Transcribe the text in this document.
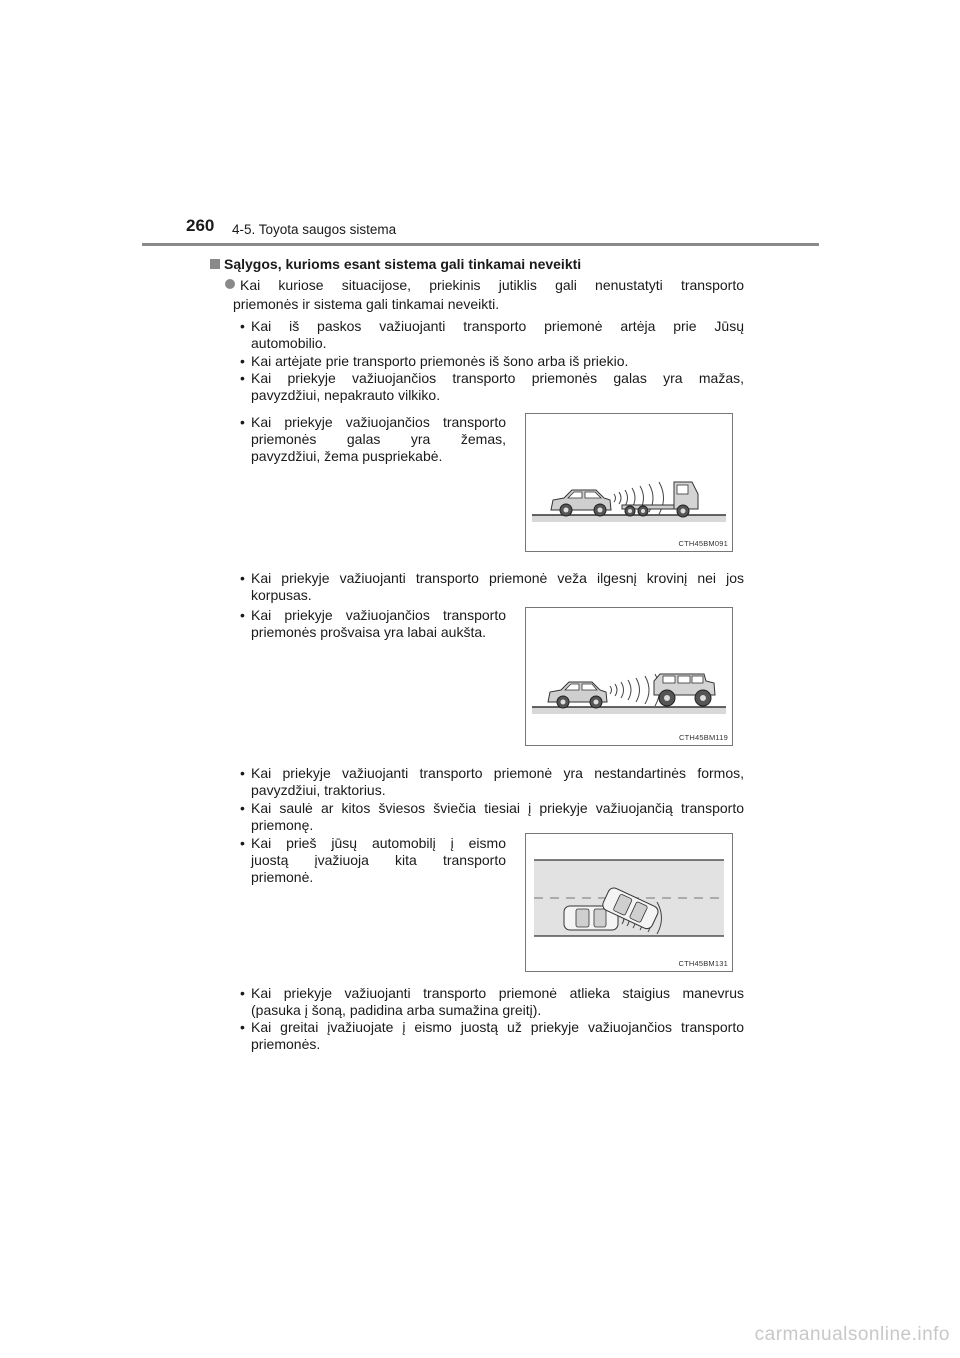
260 4-5. Toyota saugos sistema
Sąlygos, kurioms esant sistema gali tinkamai neveikti
Kai kuriose situacijose, priekinis jutiklis gali nenustatyti transporto
priemonės ir sistema gali tinkamai neveikti.
• Kai iš paskos važiuojanti transporto priemonė artėja prie Jūsų
automobilio.
• Kai artėjate prie transporto priemonės iš šono arba iš priekio.
• Kai priekyje važiuojančios transporto priemonės galas yra mažas,
pavyzdžiui, nepakrauto vilkiko.
• Kai priekyje važiuojančios transporto
priemonės galas yra žemas,
pavyzdžiui, žema puspriekabė.
CTH45BM091
• Kai priekyje važiuojanti transporto priemonė veža ilgesnį krovinį nei jos
korpusas.
• Kai priekyje važiuojančios transporto
priemonės prošvaisa yra labai aukšta.
CTH45BM119
• Kai priekyje važiuojanti transporto priemonė yra nestandartinės formos,
pavyzdžiui, traktorius.
• Kai saulė ar kitos šviesos šviečia tiesiai į priekyje važiuojančią transporto
priemonę.
• Kai prieš jūsų automobilį į eismo
juostą įvažiuoja kita transporto
priemonė.
CTH45BM131
• Kai priekyje važiuojanti transporto priemonė atlieka staigius manevrus
(pasuka į šoną, padidina arba sumažina greitį).
• Kai greitai įvažiuojate į eismo juostą už priekyje važiuojančios transporto
priemonės.
carmanualsonline.info
